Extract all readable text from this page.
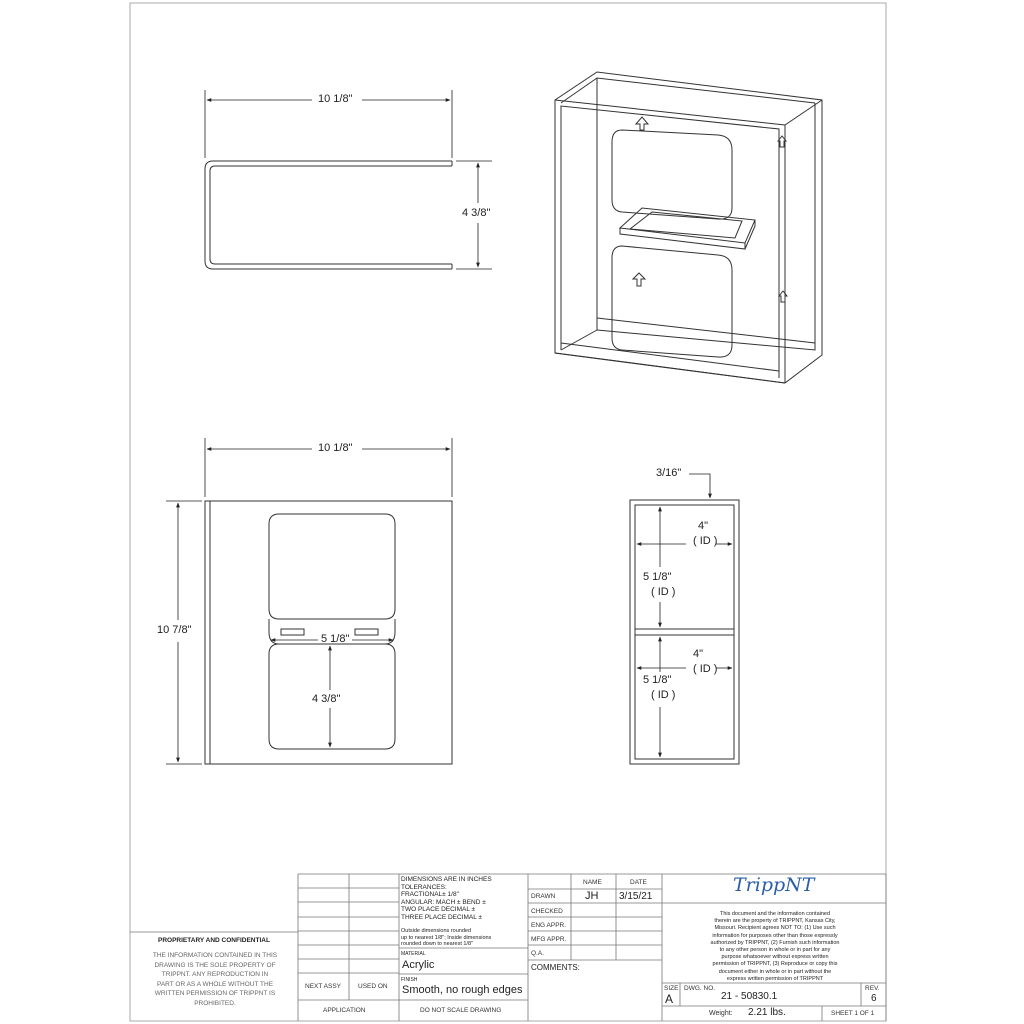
10 1/8"
4 3/8"
10 1/8"
10 7/8"
5 1/8"
4 3/8"
3/16"
4"
( ID )
5 1/8"
( ID )
4"
( ID )
5 1/8"
( ID )
PROPRIETARY AND CONFIDENTIAL
THE INFORMATION CONTAINED IN THIS
DRAWING IS THE SOLE PROPERTY OF
TRIPPNT. ANY REPRODUCTION IN
PART OR AS A WHOLE WITHOUT THE
WRITTEN PERMISSION OF TRIPPNT IS
PROHIBITED.
DIMENSIONS ARE IN INCHES
TOLERANCES:
FRACTIONAL± 1/8"
ANGULAR: MACH ± BEND ±
TWO PLACE DECIMAL ±
THREE PLACE DECIMAL ±
Outside dimensions rounded
up to nearest 1/8"; Inside dimensions
rounded down to nearest 1/8"
MATERIAL
Acrylic
FINISH
Smooth, no rough edges
NEXT ASSY	USED ON
APPLICATION	DO NOT SCALE DRAWING
NAME	DATE
DRAWN	JH 3/15/21
CHECKED
ENG APPR.
MFG APPR.
Q.A.
COMMENTS:
TrippNT
This document and the information contained
therein are the property of TRIPPNT, Kansas City,
Missouri. Recipient agrees NOT TO: (1) Use such
information for purposes other than those expressly
authorized by TRIPPNT, (2) Furnish such information
to any other person in whole or in part for any
purpose whatsoever without express written
permission of TRIPPNT, (3) Reproduce or copy this
document either in whole or in part without the
express written permission of TRIPPNT
SIZE
A
DWG. NO.
21 - 50830.1
REV.
6
Weight: 2.21 lbs.	SHEET 1 OF 1
